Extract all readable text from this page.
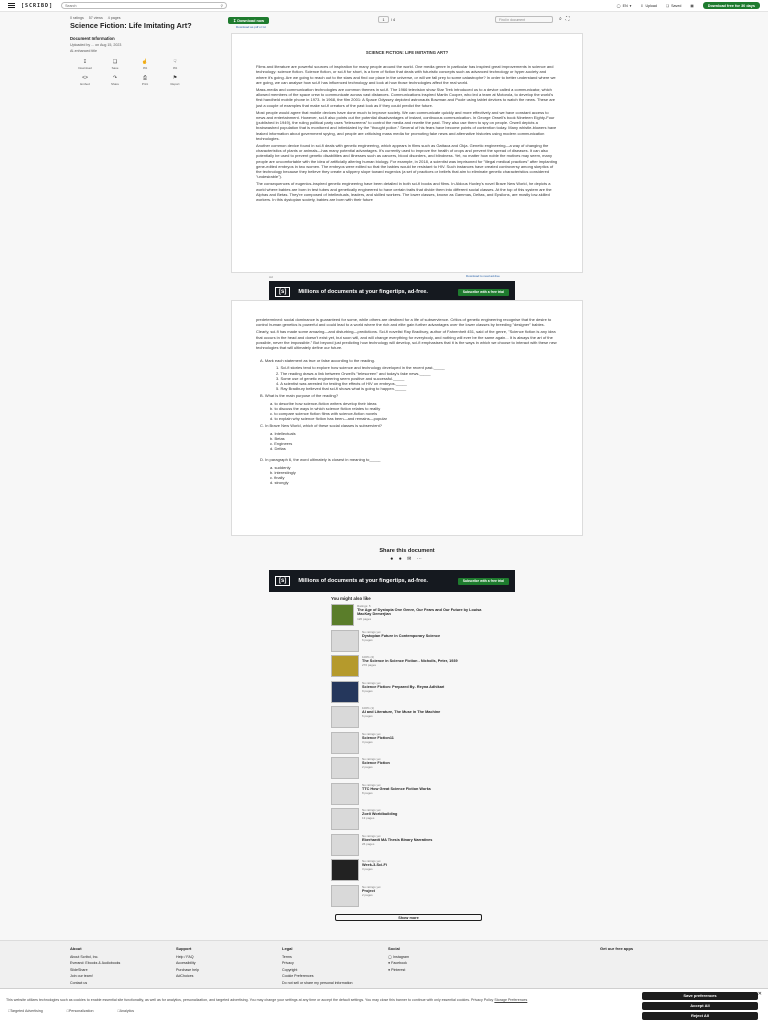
[SCRIBD]	Search	⚲	◯ EN ▾	↥ Upload	❏ Saved	▦	Download free for 30 days
0 ratings 57 views 4 pages
Science Fiction: Life Imitating Art?
Document Information
Uploaded by ... on Aug 15, 2023
AI-enhanced title
↧
Download
❏
Save
☝
0%
☟
0%
<>
Embed
↷
Share
⎙
Print
⚑
Report
↧ Download now
Download as pdf or txt
1	/ 4	Find in document	⌕ ⛶
SCIENCE FICTION: LIFE IMITATING ART?

Films and literature are powerful sources of inspiration for many people around the world. One media genre in particular has inspired great improvements in science and technology: science fiction. Science fiction, or sci-fi for short, is a form of fiction that deals with futuristic concepts such as advanced technology or hyper-society and where it's going. Are we going to reach out to the stars and find our place in the universe, or will we fall prey to some catastrophe? In order to better understand where we are going, we can analyse how sci-fi has influenced technology and look at how those technologies affect the real world.

Mass-media and communication technologies are common themes in sci-fi. The 1966 television show Star Trek introduced us to a device called a communicator, which allowed members of the space crew to communicate across vast distances. Communications inspired Martin Cooper, who led a team at Motorola, to develop the world's first handheld mobile phone in 1973. In 1968, the film 2001: A Space Odyssey depicted astronauts Bowman and Poole using tablet devices to watch the news. These are just a couple of examples that make sci-fi creators of the past look as if they could predict the future.

Most people would agree that mobile devices have done much to improve society. We can communicate quickly and more effectively and we have constant access to news and entertainment. However, sci-fi also points out the potential disadvantages of instant, continuous communication. In George Orwell's book Nineteen Eighty-Four (published in 1949), the ruling political party uses "telescreens" to control the media and rewrite the past. They also use them to spy on people. Orwell depicts a brainwashed population that is monitored and intimidated by the "thought police." Several of his fears have become points of contention today. Many whistle-blowers have leaked information about government spying, and people are criticising mass media for promoting fake news and alternative histories using modern communication technologies.

Another common device found in sci-fi deals with genetic engineering, which appears in films such as Gattaca and Okja. Genetic engineering—a way of changing the characteristics of plants or animals—has many potential advantages. It's currently used to improve the health of crops and prevent the spread of diseases. It can also potentially be used to prevent genetic disabilities and illnesses such as cancers, blood disorders, and blindness. Yet, no matter how noble the motives may seem, many people are uncomfortable with the idea of artificially altering human biology. For example, in 2018, a scientist was imprisoned for "illegal medical practices" after implanting gene-edited embryos in two women. The embryos were edited so that the babies would be resistant to HIV. Such instances have created controversy among skeptics of the technology because they believe they create a slippery slope toward eugenics (a set of practices or beliefs that aim to eliminate genetic characteristics considered "undesirable").

The consequences of eugenics-inspired genetic engineering have been detailed in both sci-fi books and films. In Aldous Huxley's novel Brave New World, he depicts a world where babies are born in test tubes and genetically engineered to have certain traits that divide them into different social classes. At the top of this system are the Alphas and Betas. They're composed of intellectuals, leaders, and skilled workers. The lower classes, known as Gammas, Deltas, and Epsilons, are mostly low-skilled workers. In this dystopian society, babies are born with their future

Ad
[s]	Millions of documents at your fingertips, ad-free.	Subscribe with a free trial
Download to read ad-free

predetermined: social dominance is guaranteed for some, while others are destined for a life of subservience. Critics of genetic engineering recognise that the desire to control human genetics is powerful and could lead to a world where the rich and elite gain further advantages over the lower classes by breeding "designer" babies.

Clearly, sci-fi has made some amazing—and disturbing—predictions. Sci-fi novelist Ray Bradbury, author of Fahrenheit 451, said of the genre, "Science fiction is any idea that occurs in the head and doesn't exist yet, but soon will, and will change everything for everybody, and nothing will ever be the same again... It is always the art of the possible, never the impossible." But beyond just predicting how technology will develop, sci-fi emphasises that it is the ways in which we choose to interact with these new technologies that will ultimately define our future.

A. Mark each statement as true or false according to the reading.

1. Sci-fi stories tend to explore how science and technology developed in the recent past._____
2. The reading draws a link between Orwell's "telescreen" and today's fake news._____
3. Some use of genetic engineering seem positive and successful._____
4. A scientist was arrested for testing the effects of HIV on embryos._____
5. Ray Bradbury believed that sci-fi shows what is going to happen._____

B. What is the main purpose of the reading?

a. to describe how science-fiction writers develop their ideas
b. to discuss the ways in which science fiction relates to reality
c. to compare science fiction films with science-fiction novels
d. to explain why science fiction has been—and remains—popular

C. In Brave New World, which of these social classes is subservient?

a. Intellectuals
b. Betas
c. Engineers
d. Deltas

D. In paragraph 6, the word ultimately is closest in meaning to_____

a. suddenly
b. interestingly
c. finally
d. strongly
Share this document
● ● ✉ ⋯
[s]	Millions of documents at your fingertips, ad-free.	Subscribe with a free trial
You might also like
Ratings: 5
The Age of Dystopia One Genre, Our Fears and Our Future by Louisa MacKay Demerjian
126 pages
No ratings yet
Dystopian Future in Contemporary Science
6 pages
100% (2)
The Science in Science Fiction - Nicholls, Peter, 1939
276 pages
No ratings yet
Science Fiction: Prepared By- Reyna Adhikari
9 pages
100% (1)
AI and Literature, The Muse in The Machine
6 pages
No ratings yet
Science Fiction11
3 pages
No ratings yet
Science Fiction
2 pages
No ratings yet
TTC How Great Science Fiction Works
8 pages
No ratings yet
Zoeli Worldbuilding
13 pages
No ratings yet
Eberhardt MA Thesis Binary Narratives
26 pages
No ratings yet
Week-3-Sci-Fi
3 pages
No ratings yet
Project
2 pages
Show more
About
About Scribd, Inc.
Everand: Ebooks & Audiobooks
SlideShare
Join our team!
Contact us
Support
Help / FAQ
Accessibility
Purchase help
AdChoices
Legal
Terms
Privacy
Copyright
Cookie Preferences
Do not sell or share my personal information
Social
◯ Instagram
● Facebook
● Pinterest
Get our free apps
This website utilizes technologies such as cookies to enable essential site functionality, as well as for analytics, personalization, and targeted advertising. You may change your settings at any time or accept the default settings. You may close this banner to continue with only essential cookies. Privacy Policy Storage Preferences
□ Targeted Advertising	□ Personalization	□ Analytics
Save preferences
Accept All
Reject All
✕
